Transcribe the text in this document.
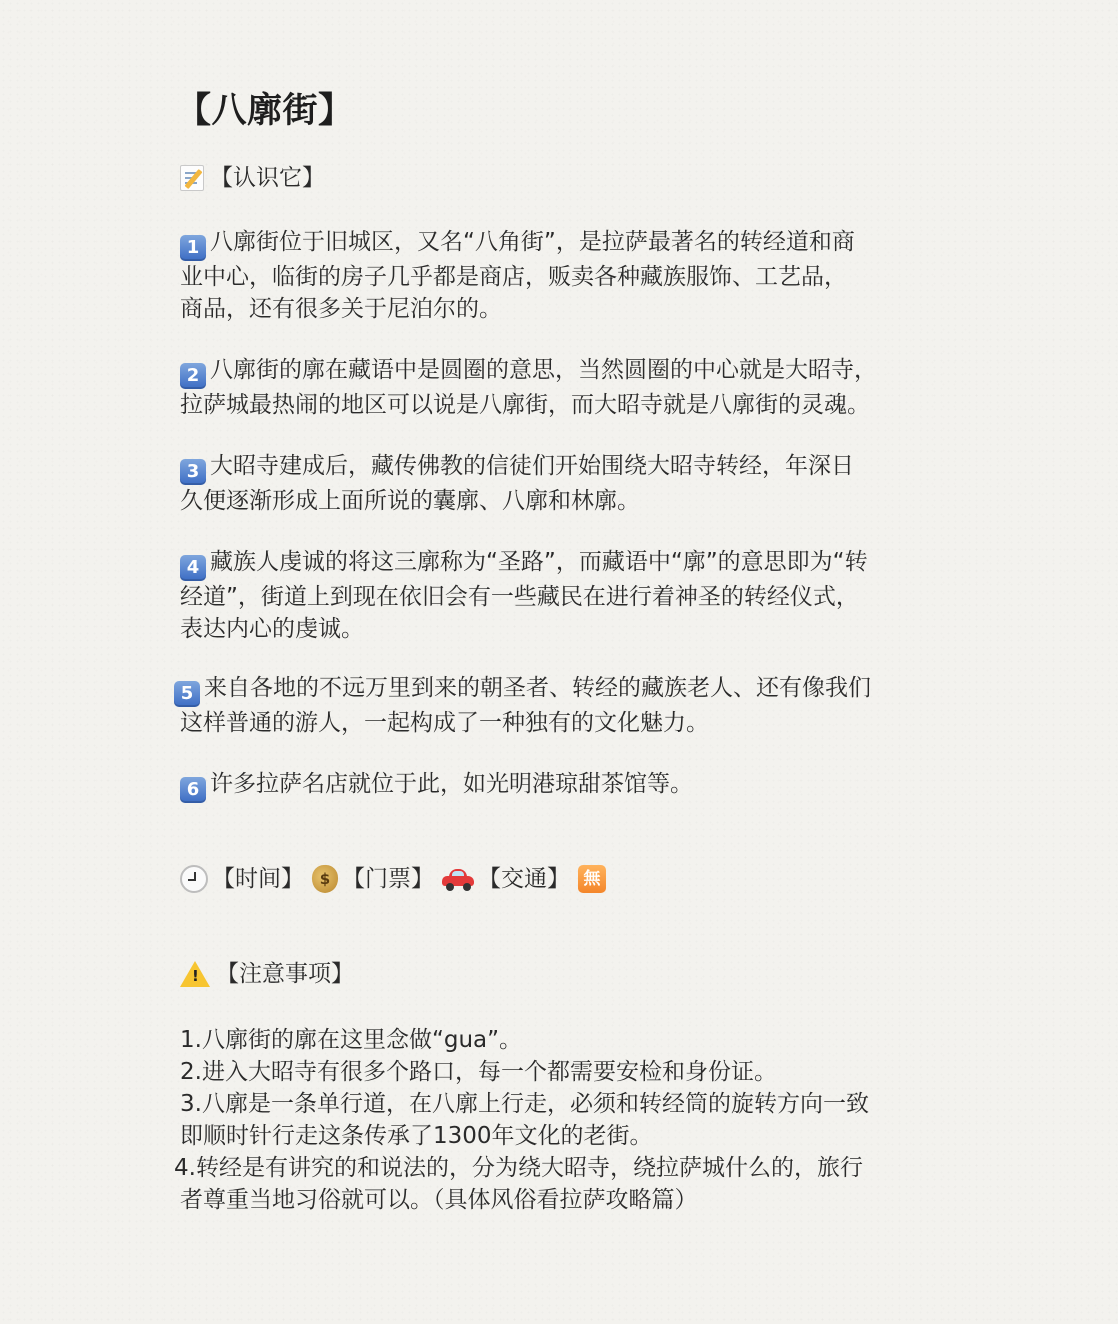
【八廓街】
【认识它】
1 八廓街位于旧城区，又名“八角街”，是拉萨最著名的转经道和商
业中心，临街的房子几乎都是商店，贩卖各种藏族服饰、工艺品，
商品，还有很多关于尼泊尔的。
2 八廓街的廓在藏语中是圆圈的意思，当然圆圈的中心就是大昭寺，
拉萨城最热闹的地区可以说是八廓街，而大昭寺就是八廓街的灵魂。
3 大昭寺建成后，藏传佛教的信徒们开始围绕大昭寺转经，年深日
久便逐渐形成上面所说的囊廓、八廓和林廓。
4 藏族人虔诚的将这三廓称为“圣路”，而藏语中“廓”的意思即为“转
经道”，街道上到现在依旧会有一些藏民在进行着神圣的转经仪式，
表达内心的虔诚。
5 来自各地的不远万里到来的朝圣者、转经的藏族老人、还有像我们
这样普通的游人，一起构成了一种独有的文化魅力。
6 许多拉萨名店就位于此，如光明港琼甜茶馆等。
【时间】	$ 【门票】 【交通】 無
! 【注意事项】
1.八廓街的廓在这里念做“gua”。
2.进入大昭寺有很多个路口，每一个都需要安检和身份证。
3.八廓是一条单行道，在八廓上行走，必须和转经筒的旋转方向一致
即顺时针行走这条传承了1300年文化的老街。
4.转经是有讲究的和说法的，分为绕大昭寺，绕拉萨城什么的，旅行
者尊重当地习俗就可以。（具体风俗看拉萨攻略篇）
